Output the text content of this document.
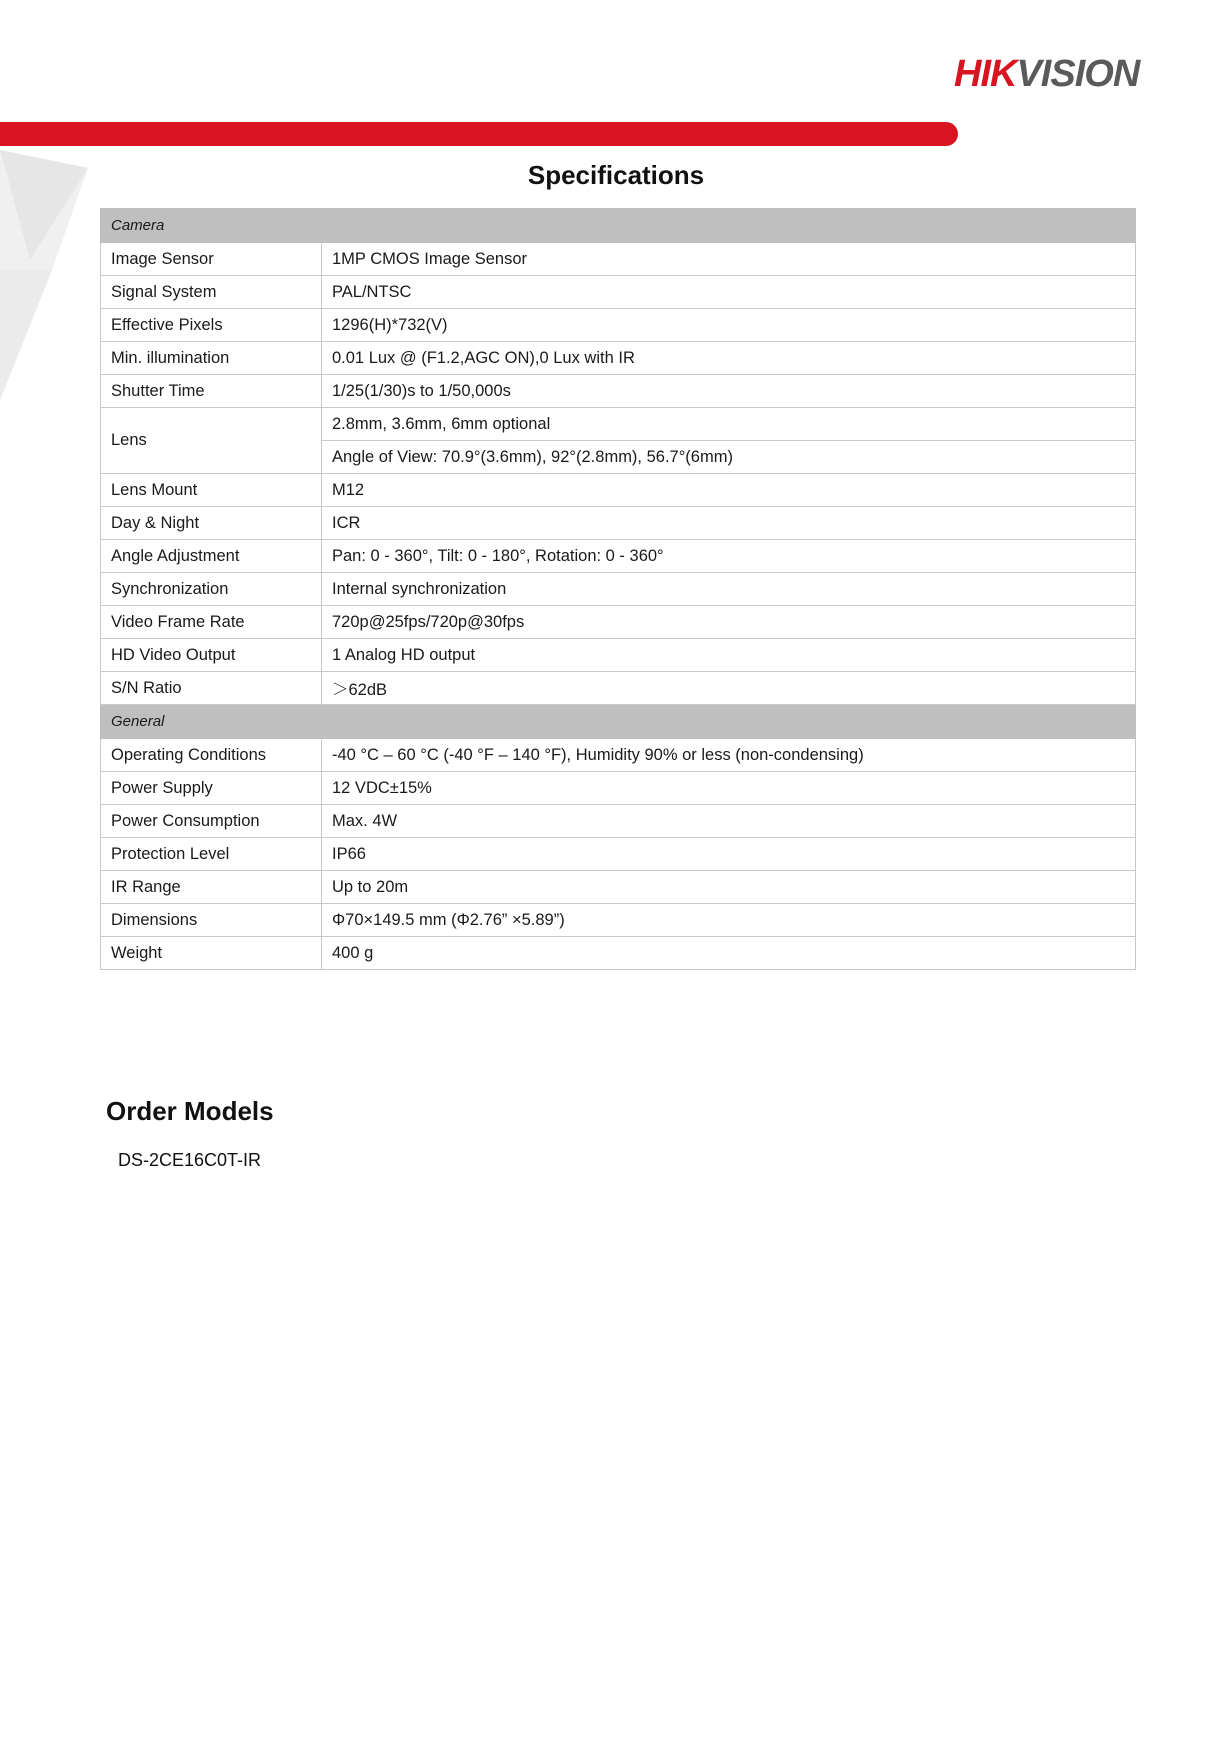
HIKVISION
Specifications
Camera	
Image Sensor	1MP CMOS Image Sensor
Signal System	PAL/NTSC
Effective Pixels	1296(H)*732(V)
Min. illumination	0.01 Lux @ (F1.2,AGC ON),0 Lux with IR
Shutter Time	1/25(1/30)s to 1/50,000s
Lens	2.8mm, 3.6mm, 6mm optional
	Angle of View: 70.9°(3.6mm), 92°(2.8mm), 56.7°(6mm)
Lens Mount	M12
Day & Night	ICR
Angle Adjustment	Pan: 0 - 360°, Tilt: 0 - 180°, Rotation: 0 - 360°
Synchronization	Internal synchronization
Video Frame Rate	720p@25fps/720p@30fps
HD Video Output	1 Analog HD output
S/N Ratio	＞62dB
General	
Operating Conditions	-40 °C – 60 °C (-40 °F – 140 °F), Humidity 90% or less (non-condensing)
Power Supply	12 VDC±15%
Power Consumption	Max. 4W
Protection Level	IP66
IR Range	Up to 20m
Dimensions	Φ70×149.5 mm (Φ2.76” ×5.89”)
Weight	400 g
Order Models
DS-2CE16C0T-IR
